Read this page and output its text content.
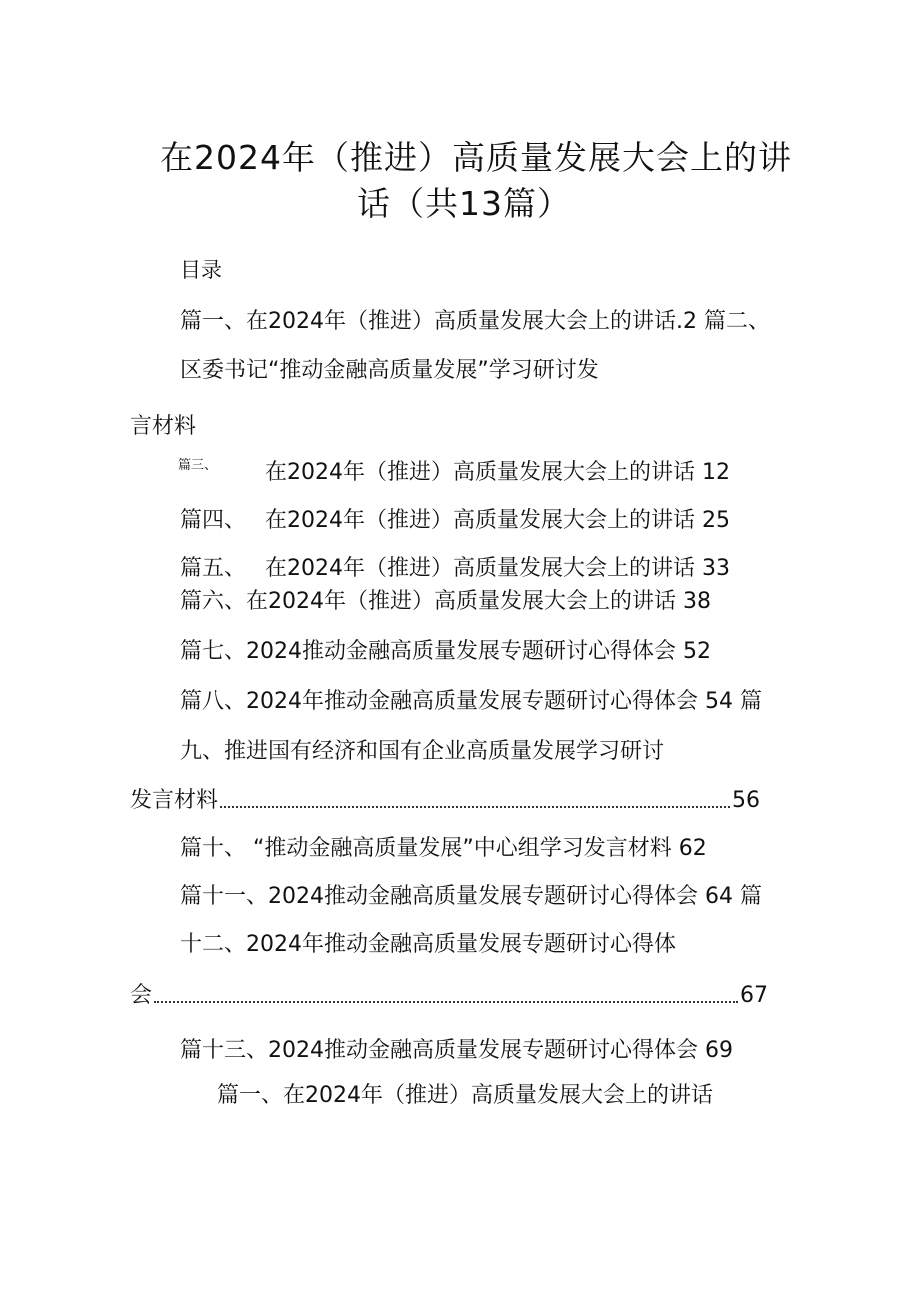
在2024年（推进）高质量发展大会上的讲
话（共13篇）
目录
篇一、在2024年（推进）高质量发展大会上的讲话.2 篇二、
区委书记“推动金融高质量发展”学习研讨发
言材料
篇三、 在2024年（推进）高质量发展大会上的讲话 12
篇四、 在2024年（推进）高质量发展大会上的讲话 25
篇五、 在2024年（推进）高质量发展大会上的讲话 33
篇六、在2024年（推进）高质量发展大会上的讲话 38
篇七、2024推动金融高质量发展专题研讨心得体会 52
篇八、2024年推动金融高质量发展专题研讨心得体会 54 篇
九、推进国有经济和国有企业高质量发展学习研讨
发言材料	56
篇十、 “推动金融高质量发展”中心组学习发言材料 62
篇十一、2024推动金融高质量发展专题研讨心得体会 64 篇
十二、2024年推动金融高质量发展专题研讨心得体
会	67
篇十三、2024推动金融高质量发展专题研讨心得体会 69
篇一、在2024年（推进）高质量发展大会上的讲话
